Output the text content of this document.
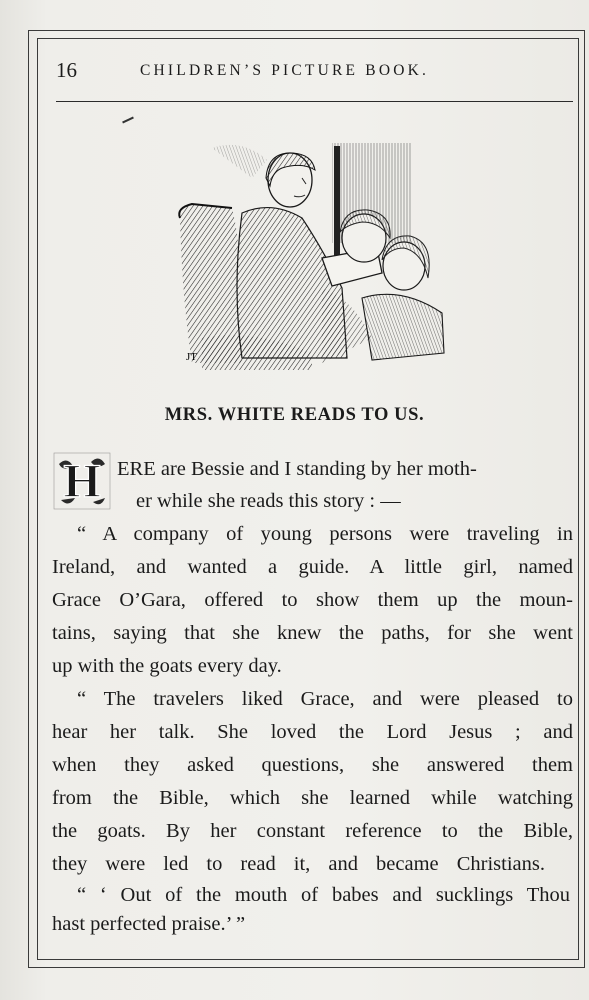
16	CHILDREN’S PICTURE BOOK.
JT
MRS. WHITE READS TO US.
H ERE are Bessie and I standing by her moth-
er while she reads this story : —
“ A company of young persons were traveling in
Ireland, and wanted a guide. A little girl, named
Grace O’Gara, offered to show them up the moun-
tains, saying that she knew the paths, for she went
up with the goats every day.
“ The travelers liked Grace, and were pleased to
hear her talk. She loved the Lord Jesus ; and
when they asked questions, she answered them
from the Bible, which she learned while watching
the goats. By her constant reference to the Bible,
they were led to read it, and became Christians.
“ ‘ Out of the mouth of babes and sucklings Thou
hast perfected praise.’ ”
